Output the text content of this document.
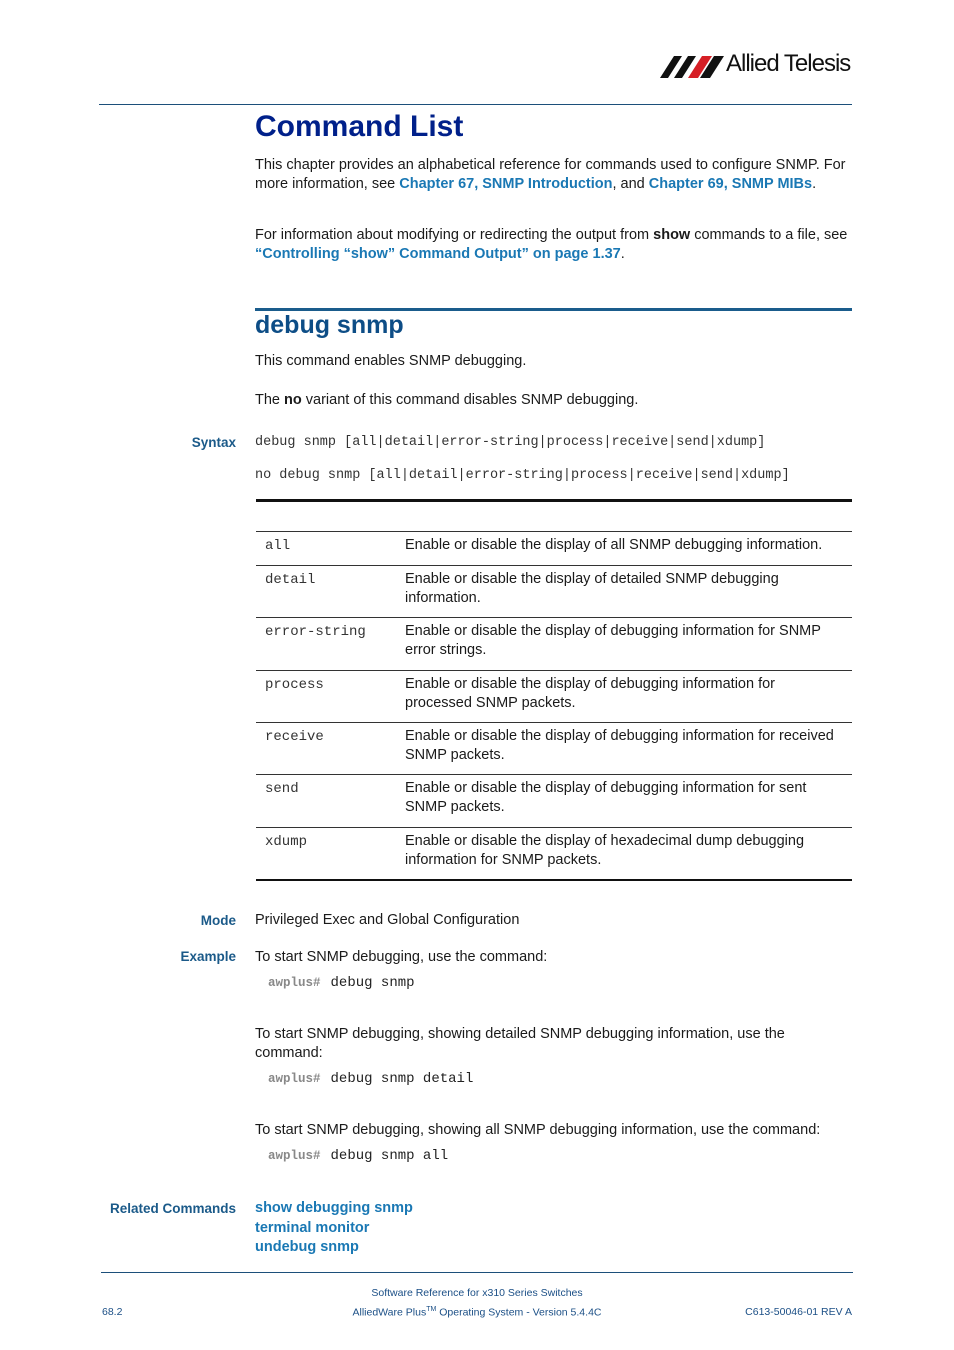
Allied Telesis
Command List

This chapter provides an alphabetical reference for commands used to configure SNMP. For more information, see Chapter 67, SNMP Introduction, and Chapter 69, SNMP MIBs.

For information about modifying or redirecting the output from show commands to a file, see “Controlling “show” Command Output” on page 1.37.

debug snmp

This command enables SNMP debugging.

The no variant of this command disables SNMP debugging.

Syntax debug snmp [all|detail|error-string|process|receive|send|xdump]
no debug snmp [all|detail|error-string|process|receive|send|xdump]
all	Enable or disable the display of all SNMP debugging information.
detail	Enable or disable the display of detailed SNMP debugging information.
error-string	Enable or disable the display of debugging information for SNMP error strings.
process	Enable or disable the display of debugging information for processed SNMP packets.
receive	Enable or disable the display of debugging information for received SNMP packets.
send	Enable or disable the display of debugging information for sent SNMP packets.
xdump	Enable or disable the display of hexadecimal dump debugging information for SNMP packets.
Mode Privileged Exec and Global Configuration
Example To start SNMP debugging, use the command:

awplus# debug snmp

To start SNMP debugging, showing detailed SNMP debugging information, use the command:

awplus# debug snmp detail

To start SNMP debugging, showing all SNMP debugging information, use the command:

awplus# debug snmp all
Related Commands show debugging snmp
terminal monitor
undebug snmp
Software Reference for x310 Series Switches
68.2	AlliedWare Plus™ Operating System - Version 5.4.4C	C613-50046-01 REV A
